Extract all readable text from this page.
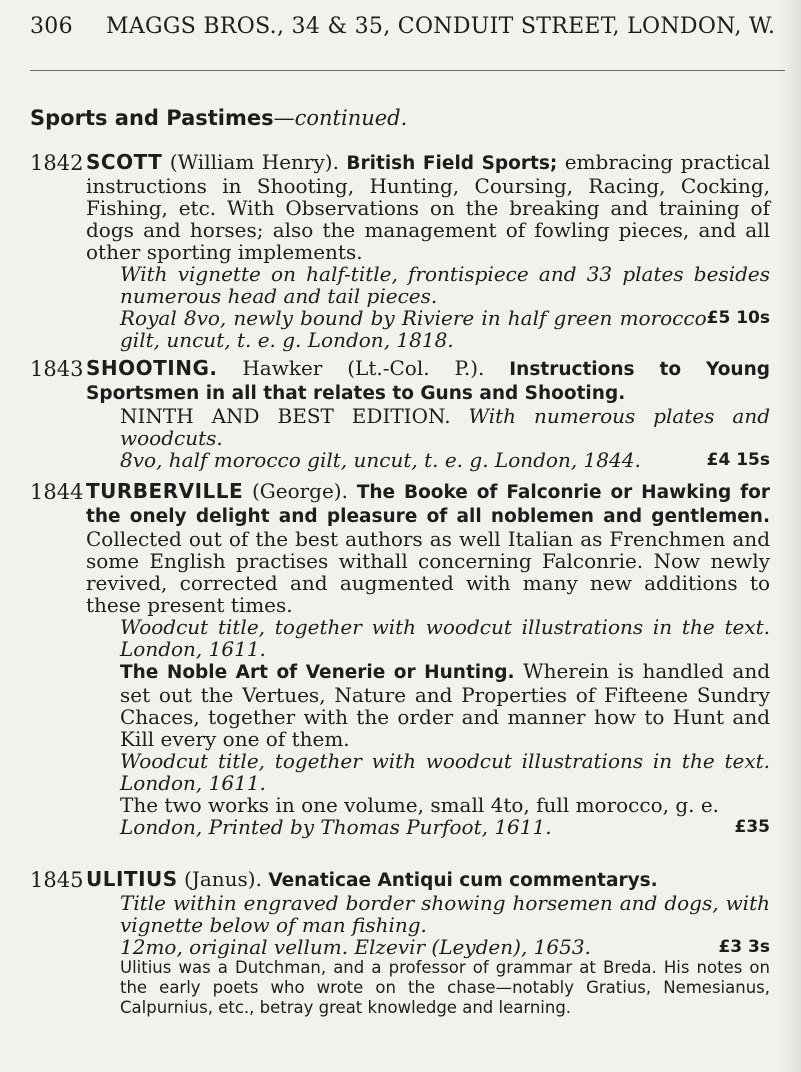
306 MAGGS BROS., 34 & 35, CONDUIT STREET, LONDON, W.
Sports and Pastimes—continued.
1842 SCOTT (William Henry). British Field Sports; embracing practical instructions in Shooting, Hunting, Coursing, Racing, Cocking, Fishing, etc. With Observations on the breaking and training of dogs and horses; also the management of fowling pieces, and all other sporting implements.

With vignette on half-title, frontispiece and 33 plates besides numerous head and tail pieces.

£5 10s
Royal 8vo, newly bound by Riviere in half green morocco gilt, uncut, t. e. g. London, 1818.

1843 SHOOTING. Hawker (Lt.-Col. P.). Instructions to Young Sportsmen in all that relates to Guns and Shooting.

NINTH AND BEST EDITION. With numerous plates and woodcuts.

£4 15s
8vo, half morocco gilt, uncut, t. e. g. London, 1844.

1844 TURBERVILLE (George). The Booke of Falconrie or Hawking for the onely delight and pleasure of all noblemen and gentlemen. Collected out of the best authors as well Italian as Frenchmen and some English practises withall concerning Falconrie. Now newly revived, corrected and augmented with many new additions to these present times.

Woodcut title, together with woodcut illustrations in the text. London, 1611.

The Noble Art of Venerie or Hunting. Wherein is handled and set out the Vertues, Nature and Properties of Fifteene Sundry Chaces, together with the order and manner how to Hunt and Kill every one of them.

Woodcut title, together with woodcut illustrations in the text. London, 1611.

The two works in one volume, small 4to, full morocco, g. e.

£35
London, Printed by Thomas Purfoot, 1611.

1845 ULITIUS (Janus). Venaticae Antiqui cum commentarys.

Title within engraved border showing horsemen and dogs, with vignette below of man fishing.

£3 3s
12mo, original vellum. Elzevir (Leyden), 1653.

Ulitius was a Dutchman, and a professor of grammar at Breda. His notes on the early poets who wrote on the chase—notably Gratius, Nemesianus, Calpurnius, etc., betray great knowledge and learning.
